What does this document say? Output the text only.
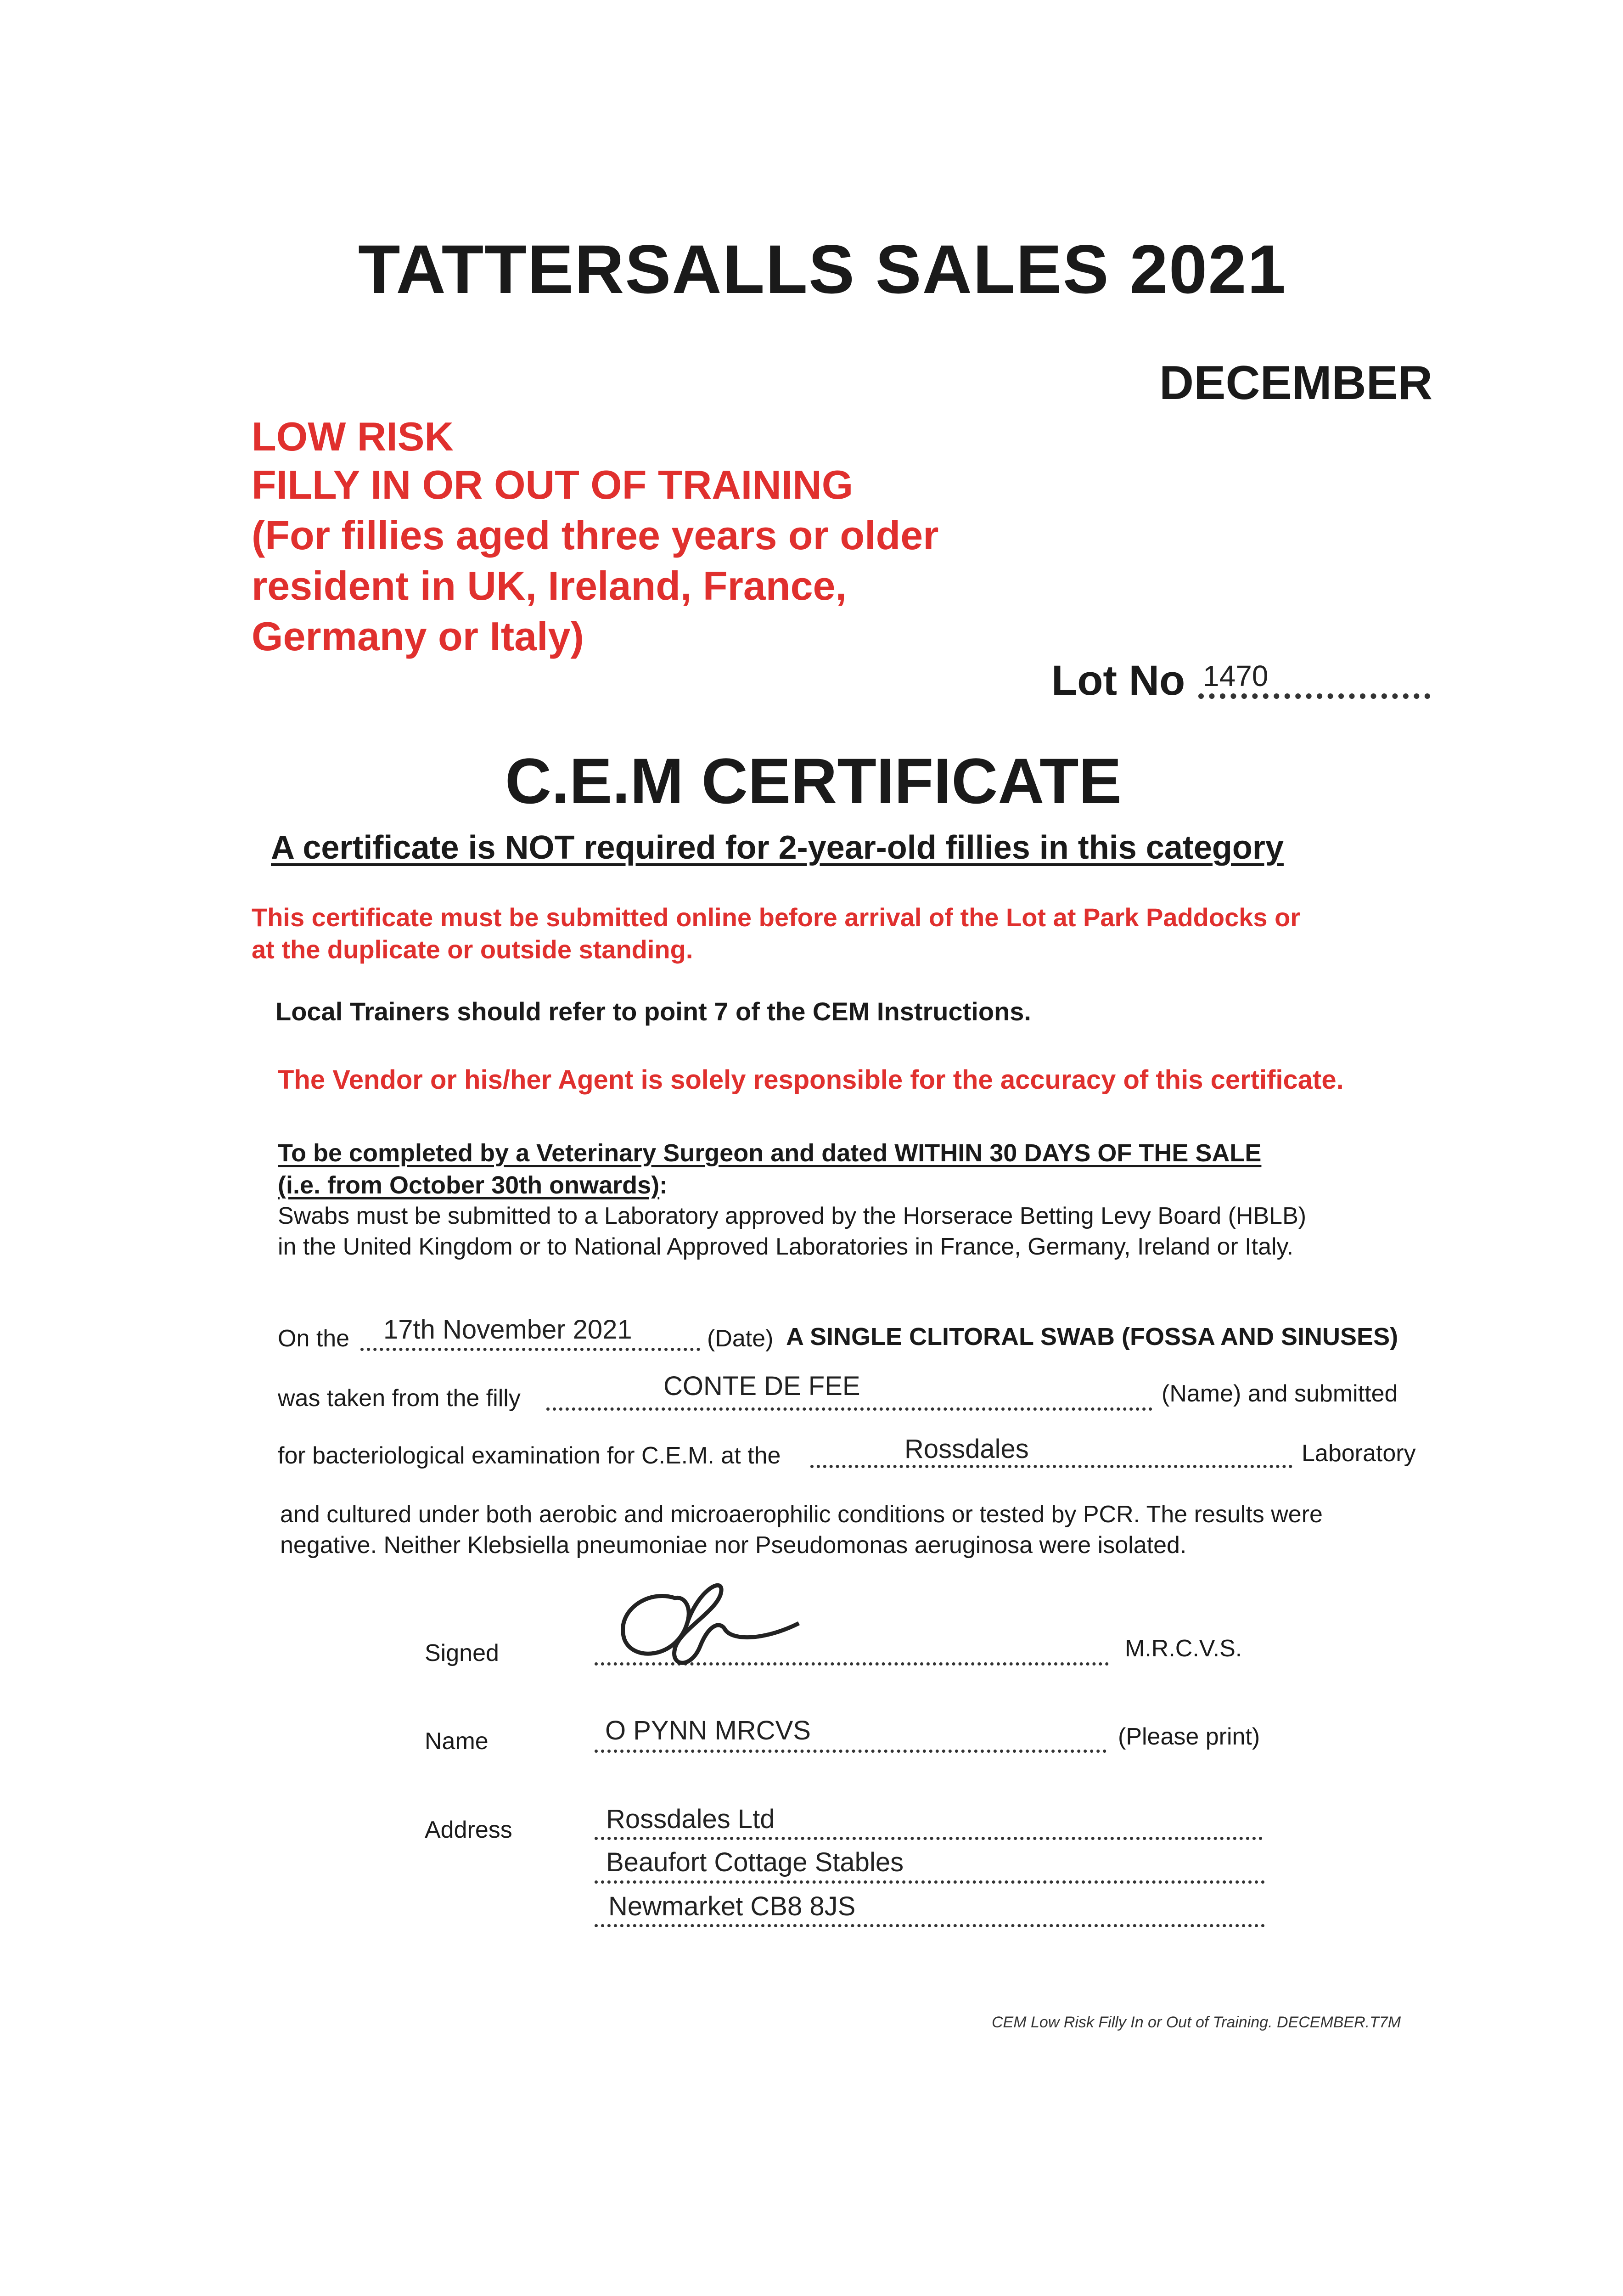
TATTERSALLS SALES 2021
DECEMBER
LOW RISK
FILLY IN OR OUT OF TRAINING
(For fillies aged three years or older
resident in UK, Ireland, France,
Germany or Italy)
Lot No 1470
C.E.M CERTIFICATE
A certificate is NOT required for 2-year-old fillies in this category
This certificate must be submitted online before arrival of the Lot at Park Paddocks or
at the duplicate or outside standing.
Local Trainers should refer to point 7 of the CEM Instructions.
The Vendor or his/her Agent is solely responsible for the accuracy of this certificate.
To be completed by a Veterinary Surgeon and dated WITHIN 30 DAYS OF THE SALE
(i.e. from October 30th onwards):
Swabs must be submitted to a Laboratory approved by the Horserace Betting Levy Board (HBLB)
in the United Kingdom or to National Approved Laboratories in France, Germany, Ireland or Italy.
On the 17th November 2021	(Date) A SINGLE CLITORAL SWAB (FOSSA AND SINUSES)
was taken from the filly	CONTE DE FEE	(Name) and submitted
for bacteriological examination for C.E.M. at the	Rossdales	Laboratory
and cultured under both aerobic and microaerophilic conditions or tested by PCR. The results were
negative. Neither Klebsiella pneumoniae nor Pseudomonas aeruginosa were isolated.
Signed	M.R.C.V.S.
Name	O PYNN MRCVS	(Please print)
Address	Rossdales Ltd
Beaufort Cottage Stables
Newmarket CB8 8JS
CEM Low Risk Filly In or Out of Training. DECEMBER.T7M
